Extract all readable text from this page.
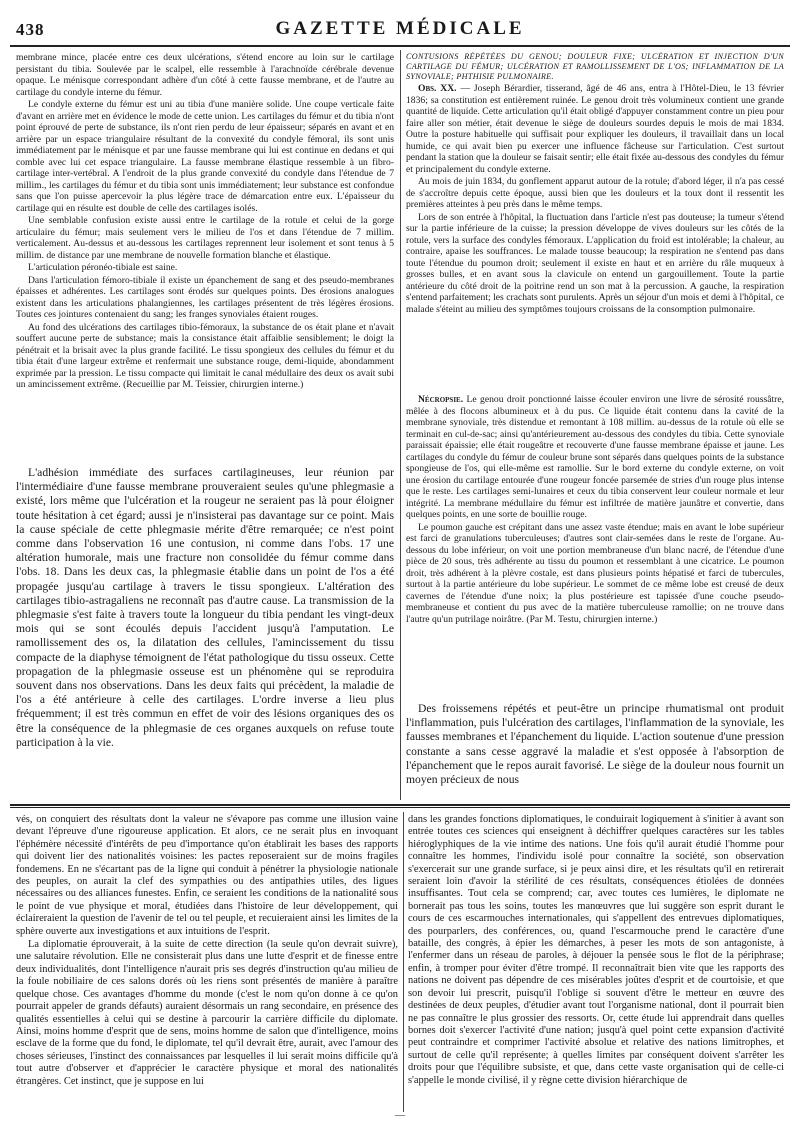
438	GAZETTE MÉDICALE

membrane mince, placée entre ces deux ulcérations, s'étend encore au loin sur le cartilage persistant du tibia. Soulevée par le scalpel, elle ressemble à l'arachnoïde cérébrale devenue opaque. Le ménisque correspondant adhère d'un côté à cette fausse membrane, et de l'autre au cartilage du condyle interne du fémur.

Le condyle externe du fémur est uni au tibia d'une manière solide. Une coupe verticale faite d'avant en arrière met en évidence le mode de cette union. Les cartilages du fémur et du tibia n'ont point éprouvé de perte de substance, ils n'ont rien perdu de leur épaisseur; séparés en avant et en arrière par un espace triangulaire résultant de la convexité du condyle fémoral, ils sont unis immédiatement par le ménisque et par une fausse membrane qui lui est continue en dedans et qui comble avec lui cet espace triangulaire. La fausse membrane élastique ressemble à un fibro-cartilage inter-vertébral. A l'endroit de la plus grande convexité du condyle dans l'étendue de 7 millim., les cartilages du fémur et du tibia sont unis immédiatement; leur substance est confondue sans que l'on puisse apercevoir la plus légère trace de démarcation entre eux. L'épaisseur du cartilage qui en résulte est double de celle des cartilages isolés.

Une semblable confusion existe aussi entre le cartilage de la rotule et celui de la gorge articulaire du fémur; mais seulement vers le milieu de l'os et dans l'étendue de 7 millim. verticalement. Au-dessus et au-dessous les cartilages reprennent leur isolement et sont tenus à 5 millim. de distance par une membrane de nouvelle formation blanche et élastique.

L'articulation péronéo-tibiale est saine.

Dans l'articulation fémoro-tibiale il existe un épanchement de sang et des pseudo-membranes épaisses et adhérentes. Les cartilages sont érodés sur quelques points. Des érosions analogues existent dans les articulations phalangiennes, les cartilages présentent de très légères érosions. Toutes ces jointures contenaient du sang; les franges synoviales étaient rouges.

Au fond des ulcérations des cartilages tibio-fémoraux, la substance de os était plane et n'avait souffert aucune perte de substance; mais la consistance était affaiblie sensiblement; le doigt la pénétrait et la brisait avec la plus grande facilité. Le tissu spongieux des cellules du fémur et du tibia était d'une largeur extrême et renfermait une substance rouge, demi-liquide, abondamment exprimée par la pression. Le tissu compacte qui limitait le canal médullaire des deux os avait subi un amincissement extrême. (Recueillie par M. Teissier, chirurgien interne.)

L'adhésion immédiate des surfaces cartilagineuses, leur réunion par l'intermédiaire d'une fausse membrane prouveraient seules qu'une phlegmasie a existé, lors même que l'ulcération et la rougeur ne seraient pas là pour éloigner toute hésitation à cet égard; aussi je n'insisterai pas davantage sur ce point. Mais la cause spéciale de cette phlegmasie mérite d'être remarquée; ce n'est point comme dans l'observation 16 une contusion, ni comme dans l'obs. 17 une altération humorale, mais une fracture non consolidée du fémur comme dans l'obs. 18. Dans les deux cas, la phlegmasie établie dans un point de l'os a été propagée jusqu'au cartilage à travers le tissu spongieux. L'altération des cartilages tibio-astragaliens ne reconnaît pas d'autre cause. La transmission de la phlegmasie s'est faite à travers toute la longueur du tibia pendant les vingt-deux mois qui se sont écoulés depuis l'accident jusqu'à l'amputation. Le ramollissement des os, la dilatation des cellules, l'amincissement du tissu compacte de la diaphyse témoignent de l'état pathologique du tissu osseux. Cette propagation de la phlegmasie osseuse est un phénomène qui se reproduira souvent dans nos observations. Dans les deux faits qui précèdent, la maladie de l'os a été antérieure à celle des cartilages. L'ordre inverse a lieu plus fréquemment; il est très commun en effet de voir des lésions organiques des os être la conséquence de la phlegmasie de ces organes auxquels on refuse toute participation à la vie.

CONTUSIONS RÉPÉTÉES DU GENOU; DOULEUR FIXE; ULCÉRATION ET INJECTION D'UN CARTILAGE DU FÉMUR; ULCÉRATION ET RAMOLLISSEMENT DE L'OS; INFLAMMATION DE LA SYNOVIALE; PHTHISIE PULMONAIRE.

Obs. XX. — Joseph Bérardier, tisserand, âgé de 46 ans, entra à l'Hôtel-Dieu, le 13 février 1836; sa constitution est entièrement ruinée. Le genou droit très volumineux contient une grande quantité de liquide. Cette articulation qu'il était obligé d'appuyer constamment contre un pieu pour faire aller son métier, était devenue le siège de douleurs sourdes depuis le mois de mai 1834. Outre la posture habituelle qui suffisait pour expliquer les douleurs, il travaillait dans un local humide, ce qui avait bien pu exercer une influence fâcheuse sur l'articulation. C'est surtout pendant la station que la douleur se faisait sentir; elle était fixée au-dessous des condyles du fémur et principalement du condyle externe.

Au mois de juin 1834, du gonflement apparut autour de la rotule; d'abord léger, il n'a pas cessé de s'accroître depuis cette époque, aussi bien que les douleurs et la toux dont il ressentit les premières atteintes à peu près dans le même temps.

Lors de son entrée à l'hôpital, la fluctuation dans l'article n'est pas douteuse; la tumeur s'étend sur la partie inférieure de la cuisse; la pression développe de vives douleurs sur les côtés de la rotule, vers la surface des condyles fémoraux. L'application du froid est intolérable; la chaleur, au contraire, apaise les souffrances. Le malade tousse beaucoup; la respiration ne s'entend pas dans toute l'étendue du poumon droit; seulement il existe en haut et en arrière du râle muqueux à grosses bulles, et en avant sous la clavicule on entend un gargouillement. Toute la partie antérieure du côté droit de la poitrine rend un son mat à la percussion. A gauche, la respiration s'entend parfaitement; les crachats sont purulents. Après un séjour d'un mois et demi à l'hôpital, ce malade s'éteint au milieu des symptômes toujours croissans de la consomption pulmonaire.

Nécropsie. Le genou droit ponctionné laisse écouler environ une livre de sérosité roussâtre, mêlée à des flocons albumineux et à du pus. Ce liquide était contenu dans la cavité de la membrane synoviale, très distendue et remontant à 108 millim. au-dessus de la rotule où elle se terminait en cul-de-sac; ainsi qu'antérieurement au-dessous des condyles du tibia. Cette synoviale paraissait épaissie; elle était rougeâtre et recouverte d'une fausse membrane épaisse et jaune. Les cartilages du condyle du fémur de couleur brune sont séparés dans quelques points de la substance spongieuse de l'os, qui elle-même est ramollie. Sur le bord externe du condyle externe, on voit une érosion du cartilage entourée d'une rougeur foncée parsemée de stries d'un rouge plus intense que le reste. Les cartilages semi-lunaires et ceux du tibia conservent leur couleur normale et leur intégrité. La membrane médullaire du fémur est infiltrée de matière jaunâtre et convertie, dans quelques points, en une sorte de bouillie rouge.

Le poumon gauche est crépitant dans une assez vaste étendue; mais en avant le lobe supérieur est farci de granulations tuberculeuses; d'autres sont clair-semées dans le reste de l'organe. Au-dessous du lobe inférieur, on voit une portion membraneuse d'un blanc nacré, de l'étendue d'une pièce de 20 sous, très adhérente au tissu du poumon et ressemblant à une cicatrice. Le poumon droit, très adhérent à la plèvre costale, est dans plusieurs points hépatisé et farci de tubercules, surtout à la partie antérieure du lobe supérieur. Le sommet de ce même lobe est creusé de deux cavernes de l'étendue d'une noix; la plus postérieure est tapissée d'une couche pseudo-membraneuse et contient du pus avec de la matière tuberculeuse ramollie; on ne trouve dans l'autre qu'un putrilage noirâtre. (Par M. Testu, chirurgien interne.)

Des froissemens répétés et peut-être un principe rhumatismal ont produit l'inflammation, puis l'ulcération des cartilages, l'inflammation de la synoviale, les fausses membranes et l'épanchement du liquide. L'action soutenue d'une pression constante a sans cesse aggravé la maladie et s'est opposée à l'absorption de l'épanchement que le repos aurait favorisé. Le siège de la douleur nous fournit un moyen précieux de nous

vés, on conquiert des résultats dont la valeur ne s'évapore pas comme une illusion vaine devant l'épreuve d'une rigoureuse application. Et alors, ce ne serait plus en invoquant l'éphémère nécessité d'intérêts de peu d'importance qu'on établirait les bases des rapports qui doivent lier des nationalités voisines: les pactes reposeraient sur de moins fragiles fondemens. En ne s'écartant pas de la ligne qui conduit à pénétrer la physiologie nationale des peuples, on aurait la clef des sympathies ou des antipathies utiles, des ligues nécessaires ou des alliances funestes. Enfin, ce seraient les conditions de la nationalité sous le point de vue physique et moral, étudiées dans l'histoire de leur développement, qui éclaireraient la question de l'avenir de tel ou tel peuple, et recuieraient ainsi les limites de la sphère ouverte aux investigations et aux intuitions de l'esprit.

La diplomatie éprouverait, à la suite de cette direction (la seule qu'on devrait suivre), une salutaire révolution. Elle ne consisterait plus dans une lutte d'esprit et de finesse entre deux individualités, dont l'intelligence n'aurait pris ses degrés d'instruction qu'au milieu de la foule nobiliaire de ces salons dorés où les riens sont présentés de manière à paraître quelque chose. Ces avantages d'homme du monde (c'est le nom qu'on donne à ce qu'on pourrait appeler de grands défauts) auraient désormais un rang secondaire, en présence des qualités essentielles à celui qui se destine à parcourir la carrière difficile du diplomate. Ainsi, moins homme d'esprit que de sens, moins homme de salon que d'intelligence, moins esclave de la forme que du fond, le diplomate, tel qu'il devrait être, aurait, avec l'amour des choses sérieuses, l'instinct des connaissances par lesquelles il lui serait moins difficile qu'à tout autre d'observer et d'apprécier le caractère physique et moral des nationalités étrangères. Cet instinct, que je suppose en lui

dans les grandes fonctions diplomatiques, le conduirait logiquement à s'initier à avant son entrée toutes ces sciences qui enseignent à déchiffrer quelques caractères sur les tables hiéroglyphiques de la vie intime des nations. Une fois qu'il aurait étudié l'homme pour connaître les hommes, l'individu isolé pour connaître la société, son observation s'exercerait sur une grande surface, si je peux ainsi dire, et les résultats qu'il en retirerait seraient loin d'avoir la stérilité de ces résultats, conséquences étiolées de données insuffisantes. Tout cela se comprend; car, avec toutes ces lumières, le diplomate ne bornerait pas tous les soins, toutes les manœuvres que lui suggère son esprit durant le cours de ces escarmouches internationales, qui s'appellent des entrevues diplomatiques, des pourparlers, des conférences, ou, quand l'escarmouche prend le caractère d'une bataille, des congrès, à épier les démarches, à peser les mots de son antagoniste, à l'enfermer dans un réseau de paroles, à déjouer la pensée sous le flot de la périphrase; enfin, à tromper pour éviter d'être trompé. Il reconnaîtrait bien vite que les rapports des nations ne doivent pas dépendre de ces misérables joûtes d'esprit et de courtoisie, et que son devoir lui prescrit, puisqu'il l'oblige si souvent d'être le metteur en œuvre des destinées de deux peuples, d'étudier avant tout l'organisme national, dont il pourrait bien ne pas connaître le plus grossier des ressorts. Or, cette étude lui apprendrait dans quelles bornes doit s'exercer l'activité d'une nation; jusqu'à quel point cette expansion d'activité peut contraindre et comprimer l'activité absolue et relative des nations limitrophes, et surtout de celle qu'il représente; à quelles limites par conséquent doivent s'arrêter les droits pour que l'équilibre subsiste, et que, dans cette vaste organisation qui de celle-ci s'appelle le monde civilisé, il y règne cette division hiérarchique de

—
